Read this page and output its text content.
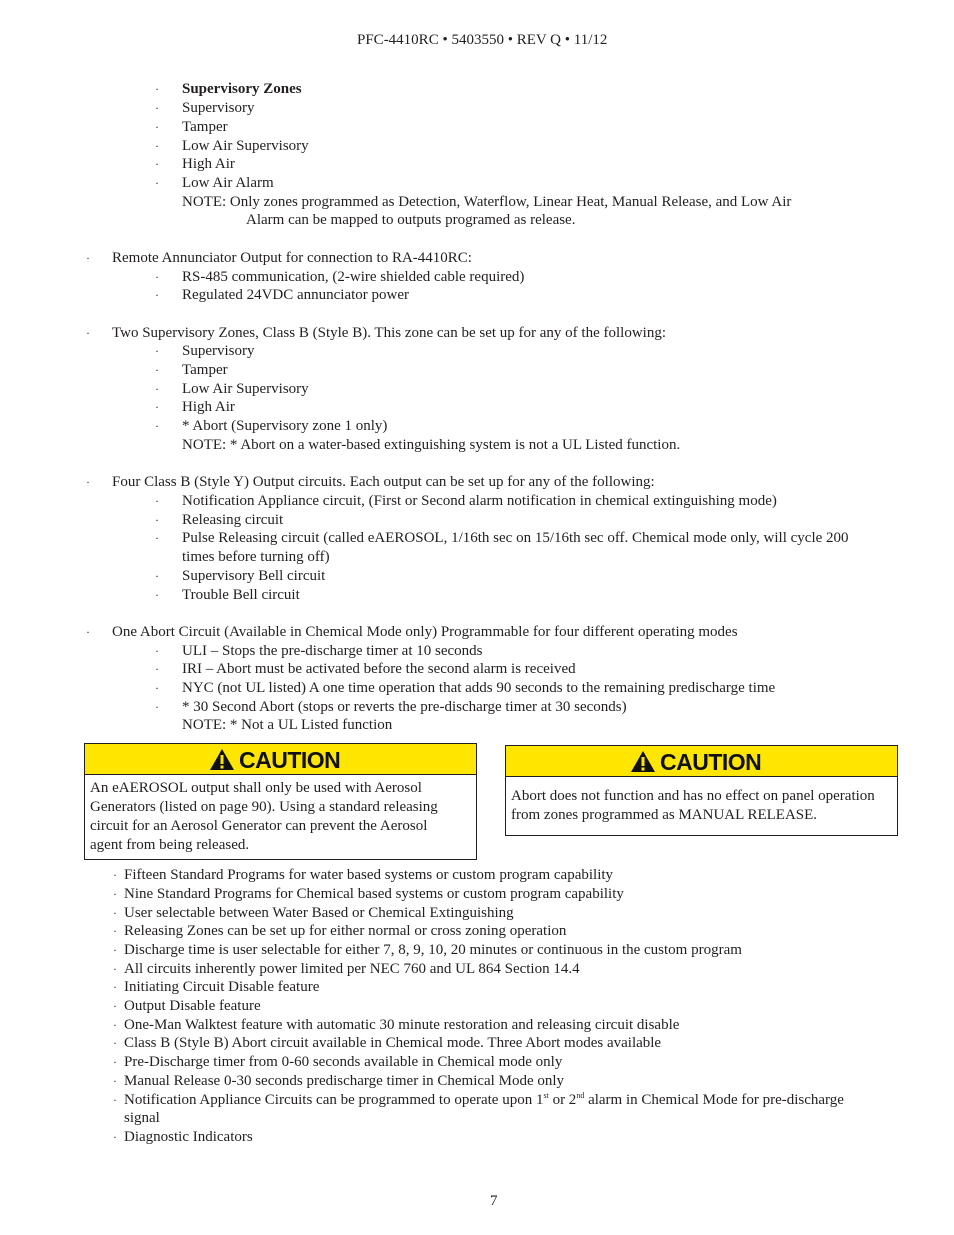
PFC-4410RC • 5403550 • REV Q • 11/12
· Supervisory Zones
· Supervisory
· Tamper
· Low Air Supervisory
· High Air
· Low Air Alarm
NOTE: Only zones programmed as Detection, Waterflow, Linear Heat, Manual Release, and Low Air
Alarm can be mapped to outputs programed as release.
· Remote Annunciator Output for connection to RA-4410RC:
· RS-485 communication, (2-wire shielded cable required)
· Regulated 24VDC annunciator power
· Two Supervisory Zones, Class B (Style B). This zone can be set up for any of the following:
· Supervisory
· Tamper
· Low Air Supervisory
· High Air
· * Abort (Supervisory zone 1 only)
NOTE: * Abort on a water-based extinguishing system is not a UL Listed function.
· Four Class B (Style Y) Output circuits. Each output can be set up for any of the following:
· Notification Appliance circuit, (First or Second alarm notification in chemical extinguishing mode)
· Releasing circuit
· Pulse Releasing circuit (called eAEROSOL, 1/16th sec on 15/16th sec off. Chemical mode only, will cycle 200
times before turning off)
· Supervisory Bell circuit
· Trouble Bell circuit
· One Abort Circuit (Available in Chemical Mode only) Programmable for four different operating modes
· ULI – Stops the pre-discharge timer at 10 seconds
· IRI – Abort must be activated before the second alarm is received
· NYC (not UL listed) A one time operation that adds 90 seconds to the remaining predischarge time
· * 30 Second Abort (stops or reverts the pre-discharge timer at 30 seconds)
NOTE: * Not a UL Listed function
CAUTION
An eAEROSOL output shall only be used with Aerosol
Generators (listed on page 90). Using a standard releasing
circuit for an Aerosol Generator can prevent the Aerosol
agent from being released.
CAUTION
Abort does not function and has no effect on panel operation
from zones programmed as MANUAL RELEASE.
· Fifteen Standard Programs for water based systems or custom program capability
· Nine Standard Programs for Chemical based systems or custom program capability
· User selectable between Water Based or Chemical Extinguishing
· Releasing Zones can be set up for either normal or cross zoning operation
· Discharge time is user selectable for either 7, 8, 9, 10, 20 minutes or continuous in the custom program
· All circuits inherently power limited per NEC 760 and UL 864 Section 14.4
· Initiating Circuit Disable feature
· Output Disable feature
· One-Man Walktest feature with automatic 30 minute restoration and releasing circuit disable
· Class B (Style B) Abort circuit available in Chemical mode. Three Abort modes available
· Pre-Discharge timer from 0-60 seconds available in Chemical mode only
· Manual Release 0-30 seconds predischarge timer in Chemical Mode only
· Notification Appliance Circuits can be programmed to operate upon 1st or 2nd alarm in Chemical Mode for pre-discharge
signal
· Diagnostic Indicators
7
